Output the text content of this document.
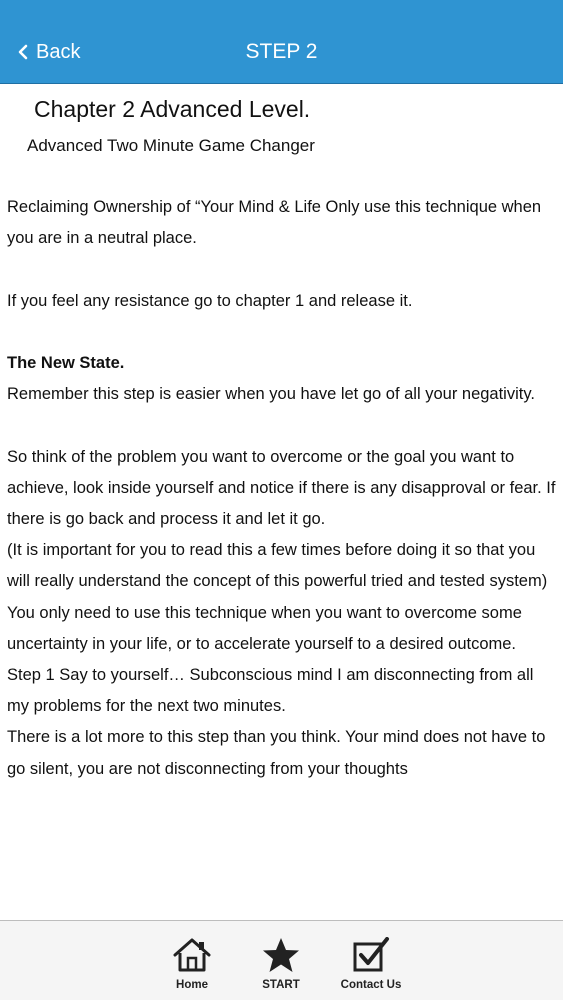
Back	STEP 2
Chapter 2 Advanced Level.
Advanced Two Minute Game Changer

Reclaiming Ownership of “Your Mind & Life Only use this technique when

you are in a neutral place.

If you feel any resistance go to chapter 1 and release it.

The New State.

Remember this step is easier when you have let go of all your negativity.

So think of the problem you want to overcome or the goal you want to achieve, look inside yourself and notice if there is any disapproval or fear. If there is go back and process it and let it go.

(It is important for you to read this a few times before doing it so that you will really understand the concept of this powerful tried and tested system)

You only need to use this technique when you want to overcome some uncertainty in your life, or to accelerate yourself to a desired outcome.

Step 1 Say to yourself… Subconscious mind I am disconnecting from all my problems for the next two minutes.

There is a lot more to this step than you think. Your mind does not have to go silent, you are not disconnecting from your thoughts

Home	START	Contact Us
